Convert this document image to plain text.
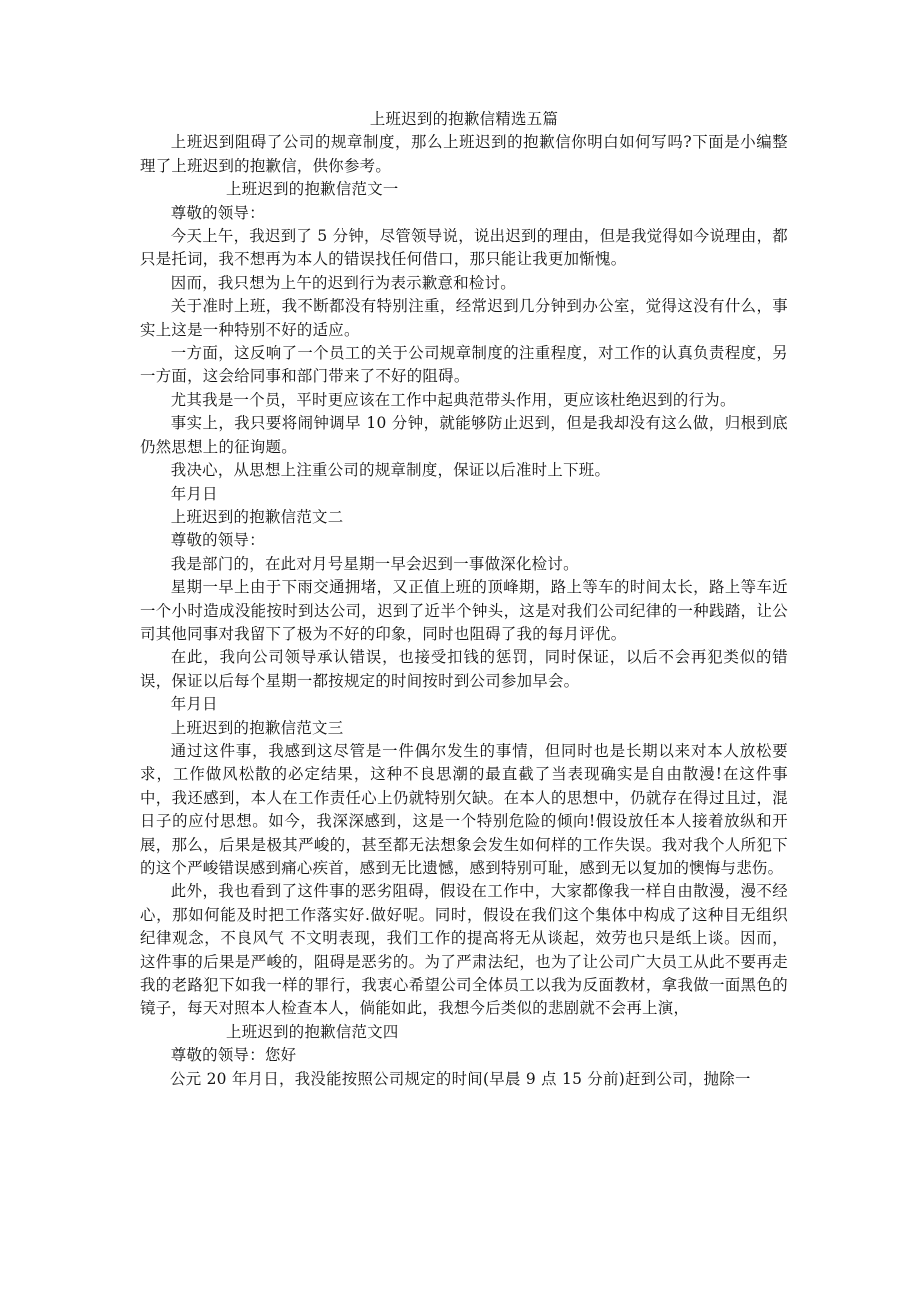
上班迟到的抱歉信精选五篇

上班迟到阻碍了公司的规章制度，那么上班迟到的抱歉信你明白如何写吗?下面是小编整理了上班迟到的抱歉信，供你参考。

上班迟到的抱歉信范文一

尊敬的领导：

今天上午，我迟到了 5 分钟，尽管领导说，说出迟到的理由，但是我觉得如今说理由，都只是托词，我不想再为本人的错误找任何借口，那只能让我更加惭愧。

因而，我只想为上午的迟到行为表示歉意和检讨。

关于准时上班，我不断都没有特别注重，经常迟到几分钟到办公室，觉得这没有什么，事实上这是一种特别不好的适应。

一方面，这反响了一个员工的关于公司规章制度的注重程度，对工作的认真负责程度，另一方面，这会给同事和部门带来了不好的阻碍。

尤其我是一个员，平时更应该在工作中起典范带头作用，更应该杜绝迟到的行为。

事实上，我只要将闹钟调早 10 分钟，就能够防止迟到，但是我却没有这么做，归根到底仍然思想上的征询题。

我决心，从思想上注重公司的规章制度，保证以后准时上下班。

年月日

上班迟到的抱歉信范文二

尊敬的领导：

我是部门的，在此对月号星期一早会迟到一事做深化检讨。

星期一早上由于下雨交通拥堵，又正值上班的顶峰期，路上等车的时间太长，路上等车近一个小时造成没能按时到达公司，迟到了近半个钟头，这是对我们公司纪律的一种践踏，让公司其他同事对我留下了极为不好的印象，同时也阻碍了我的每月评优。

在此，我向公司领导承认错误，也接受扣钱的惩罚，同时保证，以后不会再犯类似的错误，保证以后每个星期一都按规定的时间按时到公司参加早会。

年月日

上班迟到的抱歉信范文三

通过这件事，我感到这尽管是一件偶尔发生的事情，但同时也是长期以来对本人放松要求，工作做风松散的必定结果，这种不良思潮的最直截了当表现确实是自由散漫!在这件事中，我还感到，本人在工作责任心上仍就特别欠缺。在本人的思想中，仍就存在得过且过，混日子的应付思想。如今，我深深感到，这是一个特别危险的倾向!假设放任本人接着放纵和开展，那么，后果是极其严峻的，甚至都无法想象会发生如何样的工作失误。我对我个人所犯下的这个严峻错误感到痛心疾首，感到无比遗憾，感到特别可耻，感到无以复加的懊悔与悲伤。

此外，我也看到了这件事的恶劣阻碍，假设在工作中，大家都像我一样自由散漫，漫不经心，那如何能及时把工作落实好.做好呢。同时，假设在我们这个集体中构成了这种目无组织纪律观念，不良风气 不文明表现，我们工作的提高将无从谈起，效劳也只是纸上谈。因而，这件事的后果是严峻的，阻碍是恶劣的。为了严肃法纪，也为了让公司广大员工从此不要再走我的老路犯下如我一样的罪行，我衷心希望公司全体员工以我为反面教材，拿我做一面黑色的镜子，每天对照本人检查本人，倘能如此，我想今后类似的悲剧就不会再上演，

上班迟到的抱歉信范文四

尊敬的领导：您好

公元 20 年月日，我没能按照公司规定的时间(早晨 9 点 15 分前)赶到公司，抛除一
